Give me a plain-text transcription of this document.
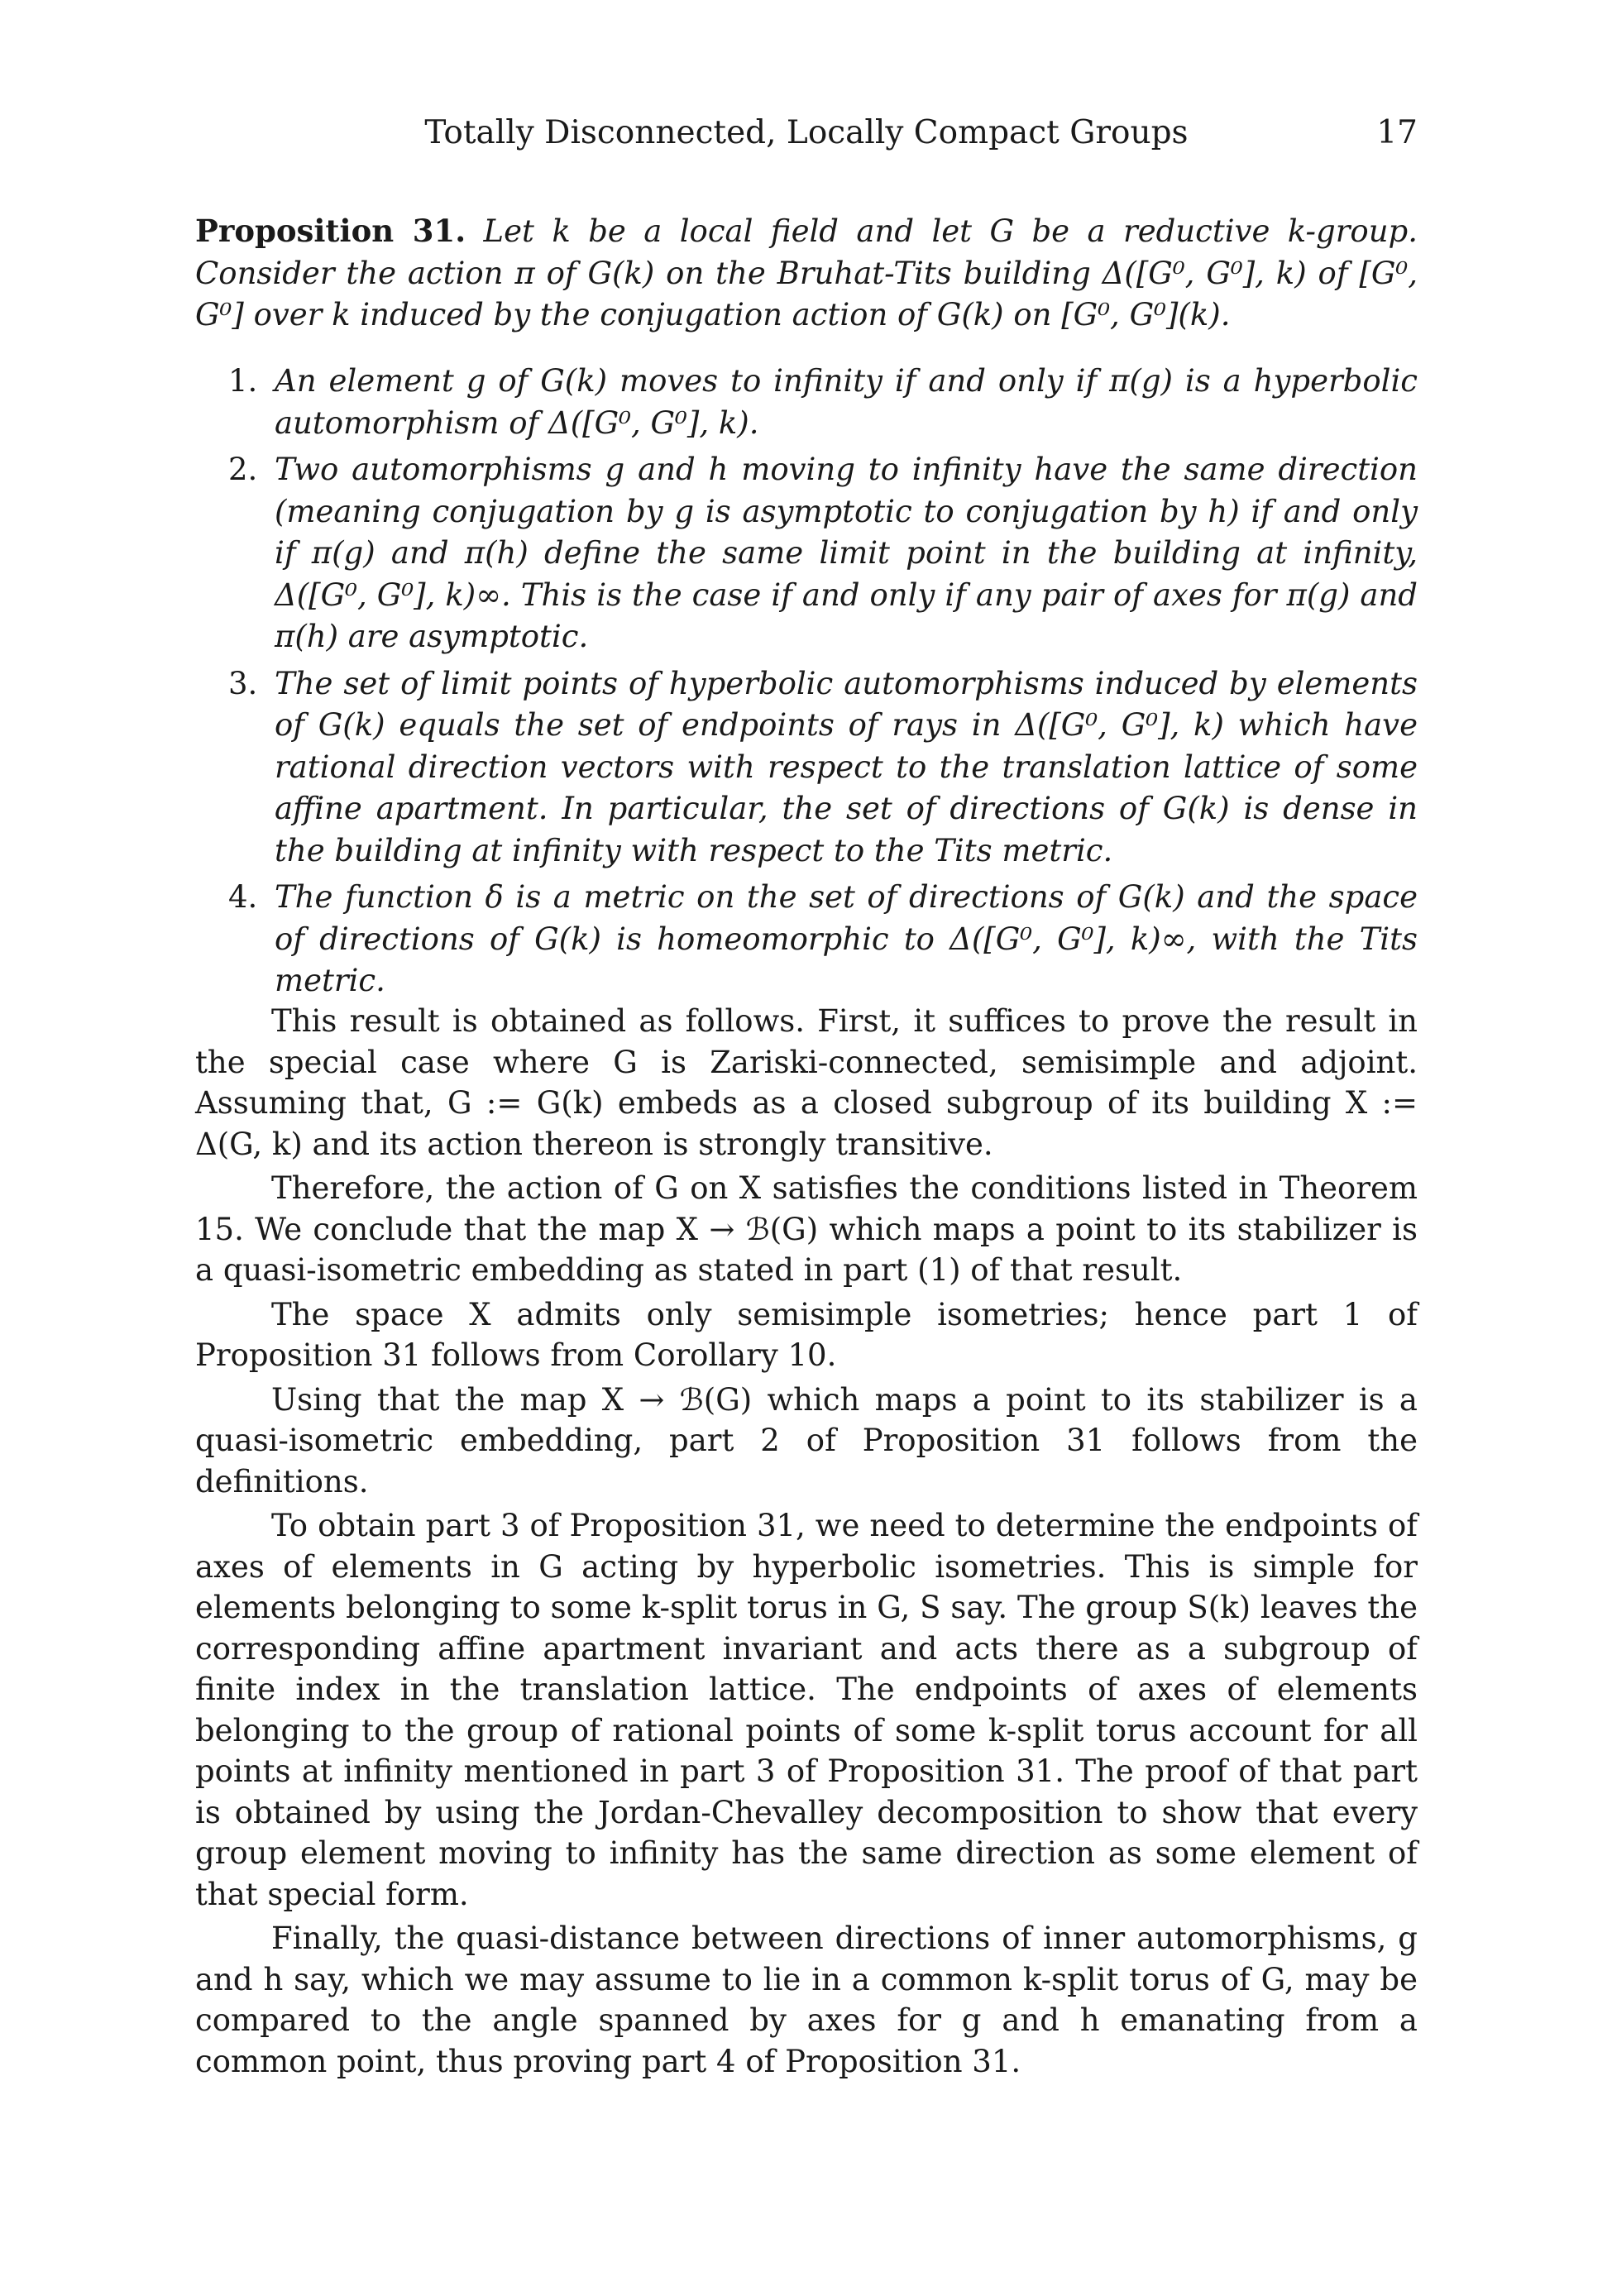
Totally Disconnected, Locally Compact Groups	17
Proposition 31. Let k be a local field and let G be a reductive k-group. Consider the action π of G(k) on the Bruhat-Tits building Δ([G⁰, G⁰], k) of [G⁰, G⁰] over k induced by the conjugation action of G(k) on [G⁰, G⁰](k).
1. An element g of G(k) moves to infinity if and only if π(g) is a hyperbolic automorphism of Δ([G⁰, G⁰], k).
2. Two automorphisms g and h moving to infinity have the same direction (meaning conjugation by g is asymptotic to conjugation by h) if and only if π(g) and π(h) define the same limit point in the building at infinity, Δ([G⁰, G⁰], k)∞. This is the case if and only if any pair of axes for π(g) and π(h) are asymptotic.
3. The set of limit points of hyperbolic automorphisms induced by elements of G(k) equals the set of endpoints of rays in Δ([G⁰, G⁰], k) which have rational direction vectors with respect to the translation lattice of some affine apartment. In particular, the set of directions of G(k) is dense in the building at infinity with respect to the Tits metric.
4. The function δ is a metric on the set of directions of G(k) and the space of directions of G(k) is homeomorphic to Δ([G⁰, G⁰], k)∞, with the Tits metric.

This result is obtained as follows. First, it suffices to prove the result in the special case where G is Zariski-connected, semisimple and adjoint. Assuming that, G := G(k) embeds as a closed subgroup of its building X := Δ(G, k) and its action thereon is strongly transitive.

Therefore, the action of G on X satisfies the conditions listed in Theorem 15. We conclude that the map X → ℬ(G) which maps a point to its stabilizer is a quasi-isometric embedding as stated in part (1) of that result.

The space X admits only semisimple isometries; hence part 1 of Proposition 31 follows from Corollary 10.

Using that the map X → ℬ(G) which maps a point to its stabilizer is a quasi-isometric embedding, part 2 of Proposition 31 follows from the definitions.

To obtain part 3 of Proposition 31, we need to determine the endpoints of axes of elements in G acting by hyperbolic isometries. This is simple for elements belonging to some k-split torus in G, S say. The group S(k) leaves the corresponding affine apartment invariant and acts there as a subgroup of finite index in the translation lattice. The endpoints of axes of elements belonging to the group of rational points of some k-split torus account for all points at infinity mentioned in part 3 of Proposition 31. The proof of that part is obtained by using the Jordan-Chevalley decomposition to show that every group element moving to infinity has the same direction as some element of that special form.

Finally, the quasi-distance between directions of inner automorphisms, g and h say, which we may assume to lie in a common k-split torus of G, may be compared to the angle spanned by axes for g and h emanating from a common point, thus proving part 4 of Proposition 31.
